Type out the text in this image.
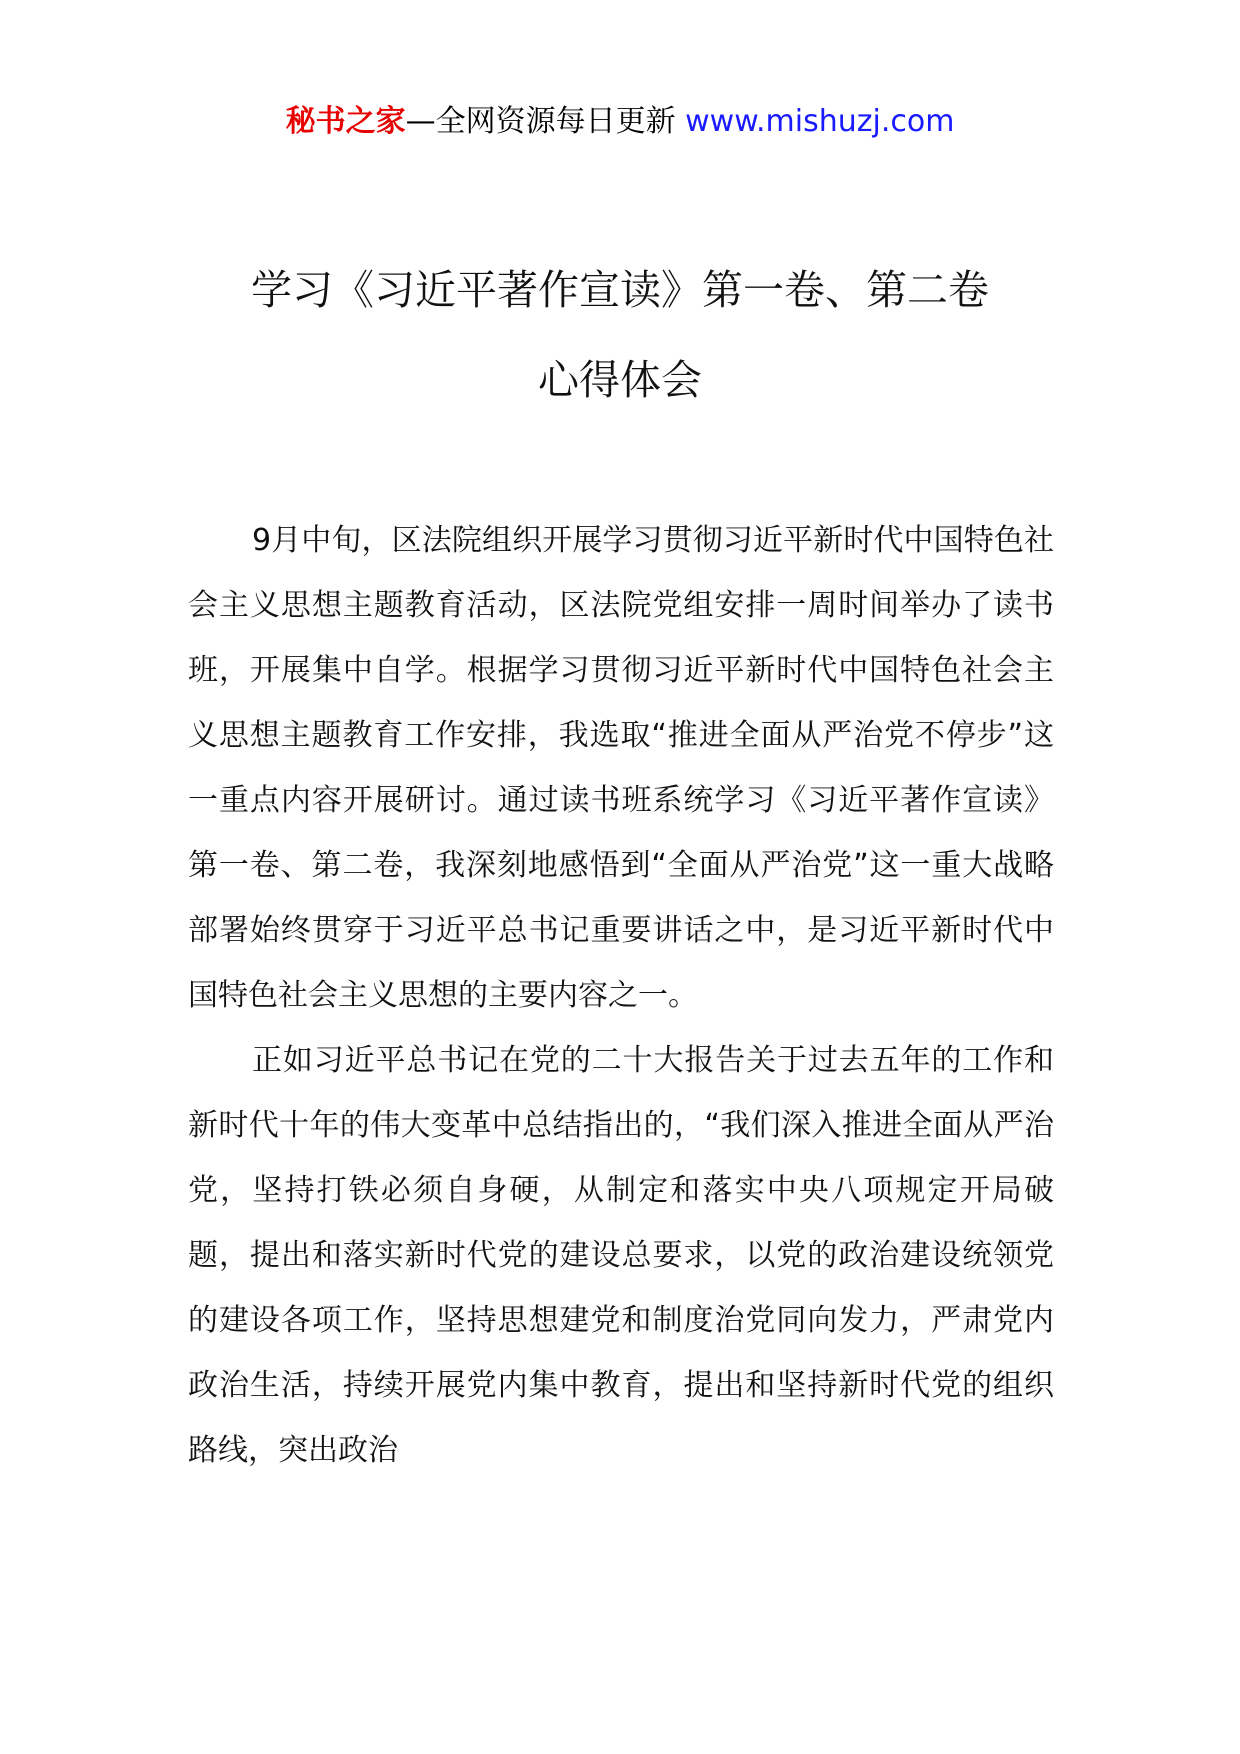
秘书之家—全网资源每日更新 www.mishuzj.com
学习《习近平著作宣读》第一卷、第二卷
心得体会

9月中旬，区法院组织开展学习贯彻习近平新时代中国特色社会主义思想主题教育活动，区法院党组安排一周时间举办了读书班，开展集中自学。根据学习贯彻习近平新时代中国特色社会主义思想主题教育工作安排，我选取“推进全面从严治党不停步”这一重点内容开展研讨。通过读书班系统学习《习近平著作宣读》第一卷、第二卷，我深刻地感悟到“全面从严治党”这一重大战略部署始终贯穿于习近平总书记重要讲话之中，是习近平新时代中国特色社会主义思想的主要内容之一。

正如习近平总书记在党的二十大报告关于过去五年的工作和新时代十年的伟大变革中总结指出的，“我们深入推进全面从严治党，坚持打铁必须自身硬，从制定和落实中央八项规定开局破题，提出和落实新时代党的建设总要求，以党的政治建设统领党的建设各项工作，坚持思想建党和制度治党同向发力，严肃党内政治生活，持续开展党内集中教育，提出和坚持新时代党的组织路线，突出政治
